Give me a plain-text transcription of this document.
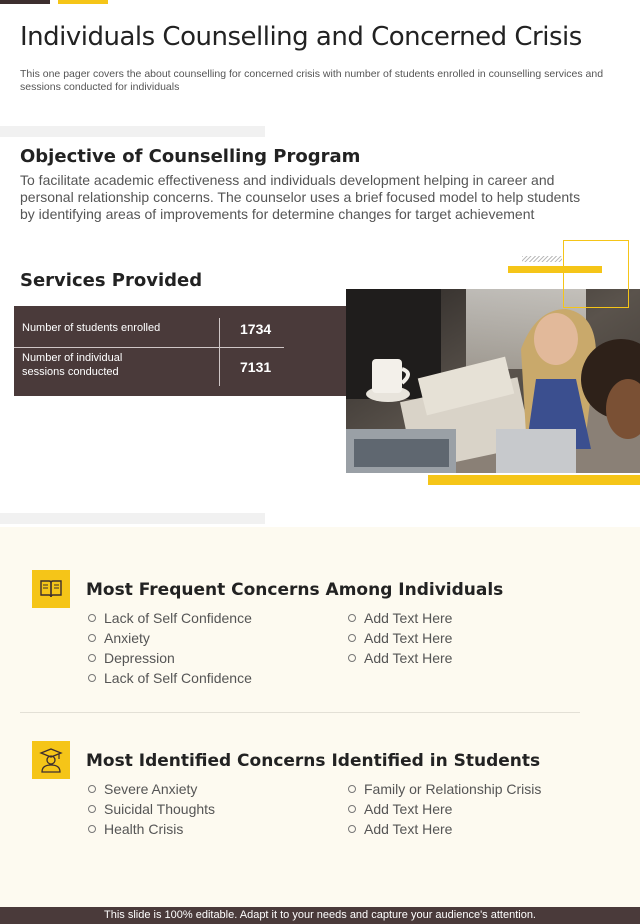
Individuals Counselling and Concerned Crisis

This one pager covers the about counselling for concerned crisis with number of students enrolled in counselling services and sessions conducted for individuals

Objective of Counselling Program

To facilitate academic effectiveness and individuals development helping in career and personal relationship concerns. The counselor uses a brief focused model to help students by identifying areas of improvements for determine changes for target achievement

Services Provided
Number of students enrolled	1734
Number of individual sessions conducted	7131
Most Frequent Concerns Among Individuals
Lack of Self Confidence
Anxiety
Depression
Lack of Self Confidence
Add Text Here
Add Text Here
Add Text Here
Most Identified Concerns Identified in Students
Severe Anxiety
Suicidal Thoughts
Health Crisis
Family or Relationship Crisis
Add Text Here
Add Text Here
This slide is 100% editable. Adapt it to your needs and capture your audience's attention.
